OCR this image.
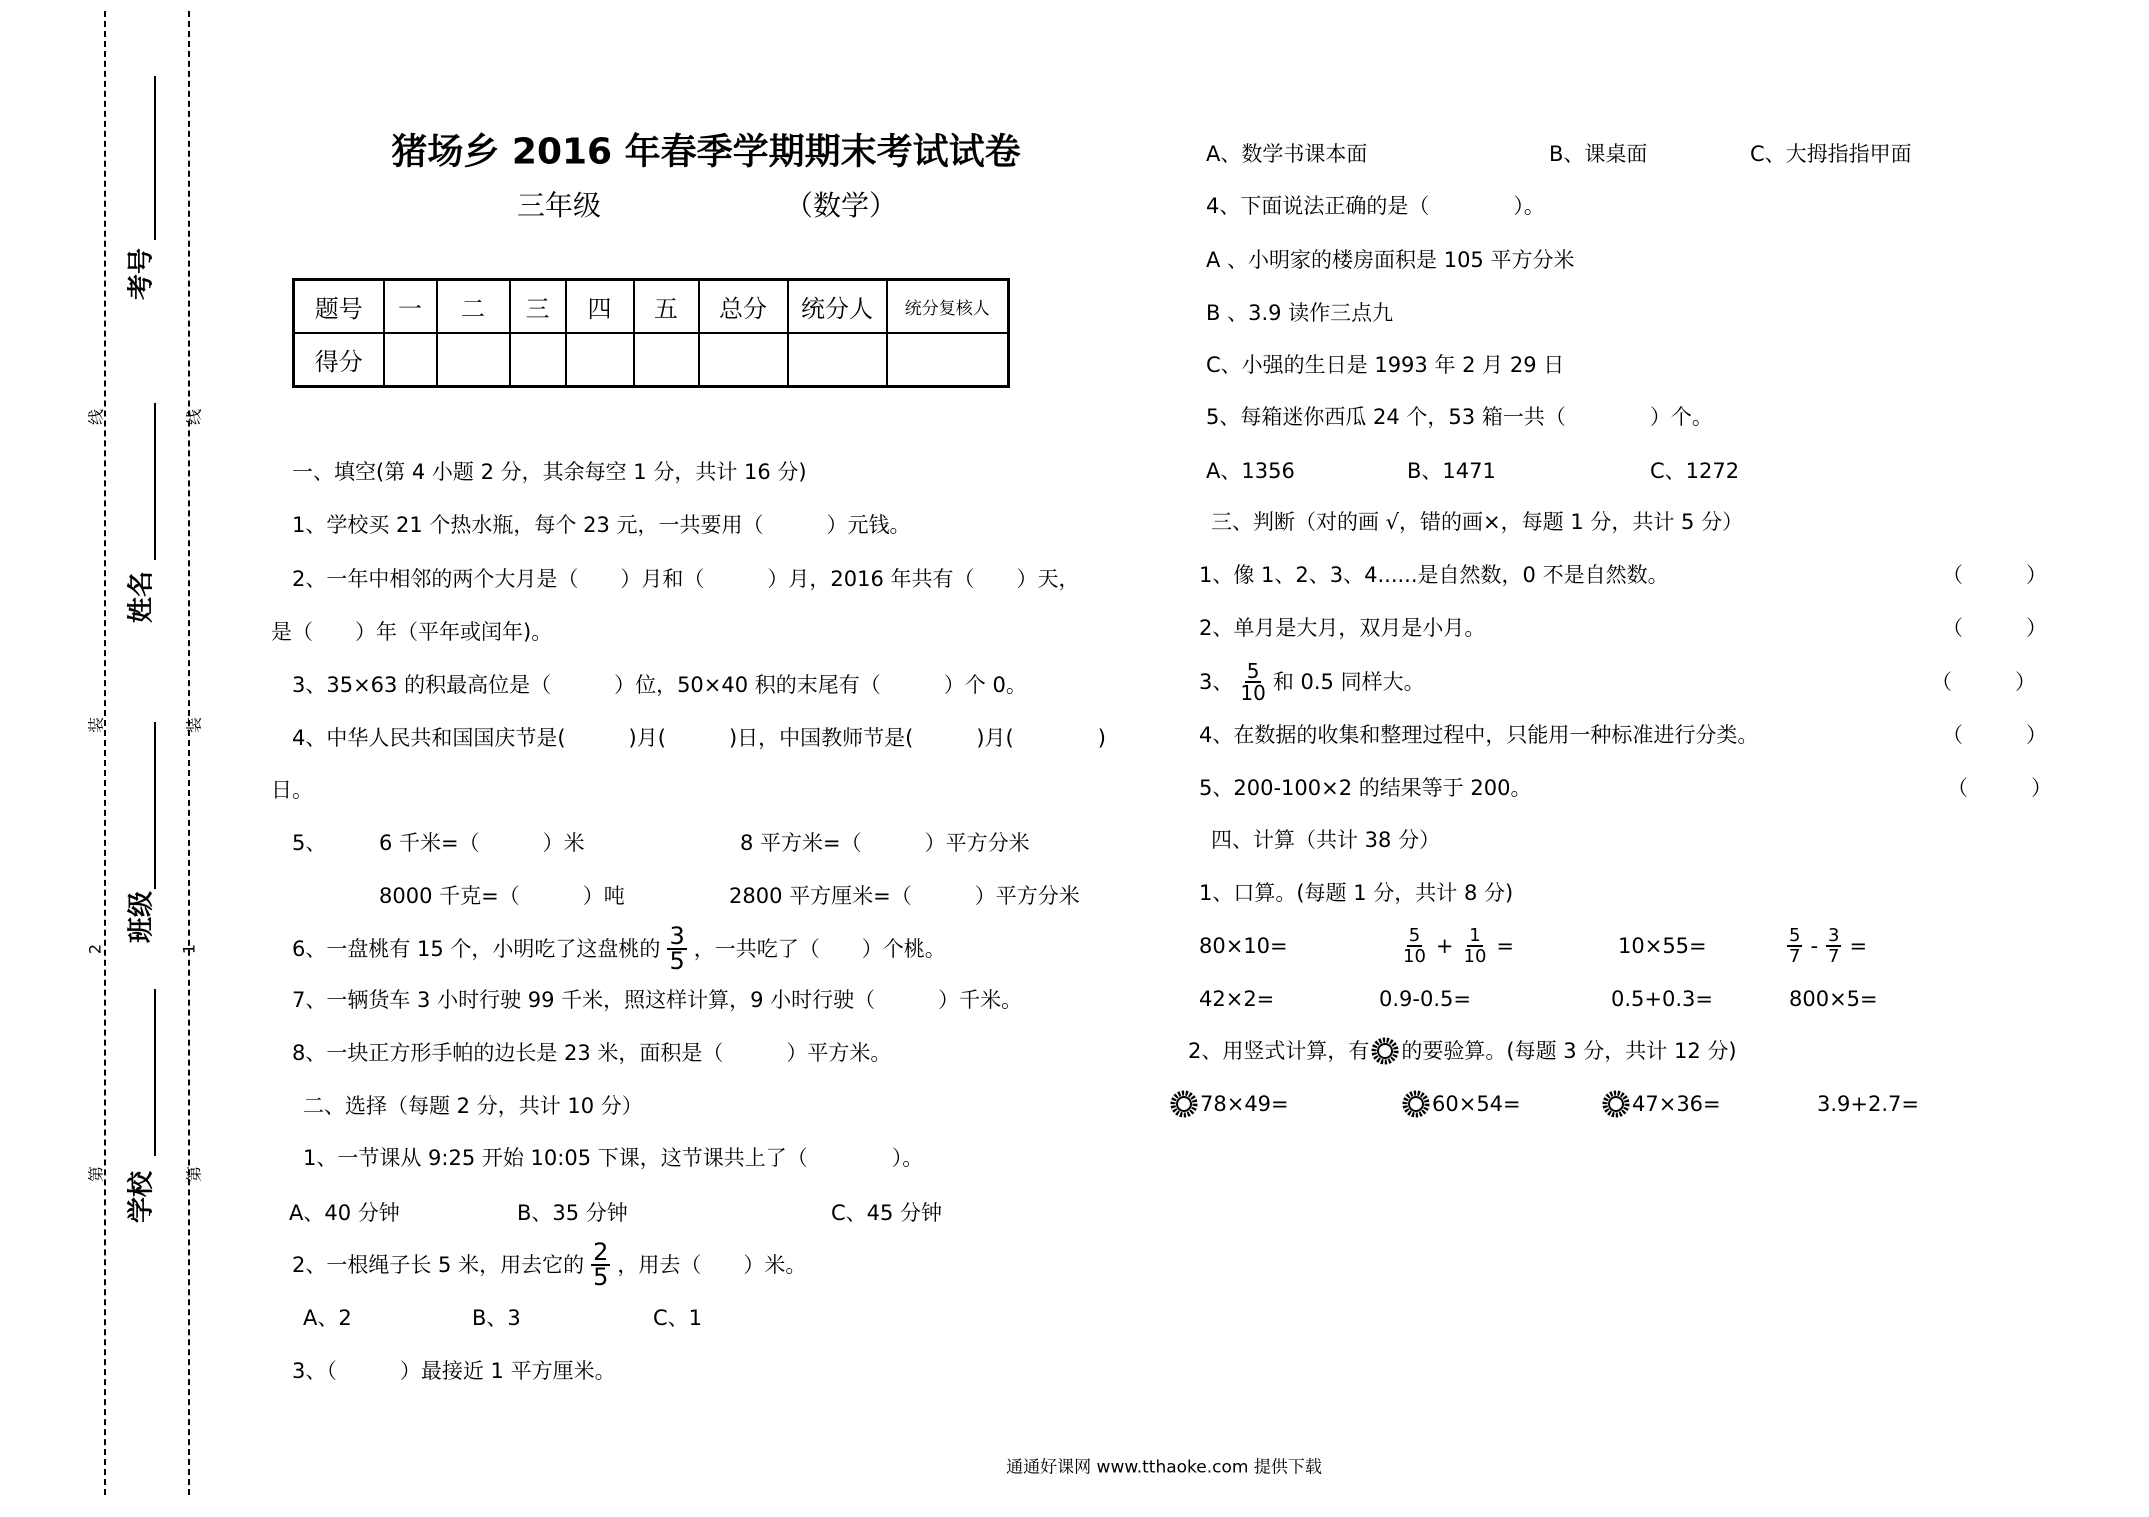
考号
姓名
班级
学校
线
装
2
第
线
装
1
第
猪场乡 2016 年春季学期期末考试试卷
三年级	（数学）
题号	一	二	三	四	五	总分	统分人	统分复核人
得分								
一、填空(第 4 小题 2 分，其余每空 1 分，共计 16 分)
1、学校买 21 个热水瓶，每个 23 元，一共要用（　　　）元钱。
2、一年中相邻的两个大月是（　　）月和（　　　）月，2016 年共有（　　）天，
是（　　）年（平年或闰年)。
3、35×63 的积最高位是（　　　）位，50×40 积的末尾有（　　　）个 0。
4、中华人民共和国国庆节是(　　　)月(　　　)日，中国教师节是(　　　)月(　　　　)
日。
5、	6 千米=（　　　）米	8 平方米=（　　　）平方分米
8000 千克=（　　　）吨	2800 平方厘米=（　　　）平方分米
6、一盘桃有 15 个，小明吃了这盘桃的 $\frac{3}{5}$ ，一共吃了（　　）个桃。
7、一辆货车 3 小时行驶 99 千米，照这样计算，9 小时行驶（　　　）千米。
8、一块正方形手帕的边长是 23 米，面积是（　　　）平方米。
二、选择（每题 2 分，共计 10 分）
1、一节课从 9:25 开始 10:05 下课，这节课共上了（　　　　）。
A、40 分钟	B、35 分钟	C、45 分钟
2、一根绳子长 5 米，用去它的 $\frac{2}{5}$ ，用去（　　）米。
A、2	B、3	C、1
3、（　　　）最接近 1 平方厘米。
A、数学书课本面	B、课桌面	C、大拇指指甲面
4、下面说法正确的是（　　　　）。
A 、小明家的楼房面积是 105 平方分米
B 、3.9 读作三点九
C、小强的生日是 1993 年 2 月 29 日
5、每箱迷你西瓜 24 个，53 箱一共（　　　　）个。
A、1356	B、1471	C、1272
三、判断（对的画 √，错的画×，每题 1 分，共计 5 分）
1、像 1、2、3、4......是自然数，0 不是自然数。	（　　　）
2、单月是大月，双月是小月。	（　　　）
3、 $\frac{5}{10}$ 和 0.5 同样大。	（　　　）
4、在数据的收集和整理过程中，只能用一种标准进行分类。	（　　　）
5、200-100×2 的结果等于 200。	（　　　）
四、计算（共计 38 分）
1、口算。(每题 1 分，共计 8 分)
80×10=	$\frac{5}{10} + \frac{1}{10}$ =	10×55=	$\frac{5}{7} - \frac{3}{7}$ =
42×2=	0.9-0.5=	0.5+0.3=	800×5=
2、用竖式计算，有 的要验算。(每题 3 分，共计 12 分)
78×49=	60×54=	47×36=	3.9+2.7=
通通好课网 www.tthaoke.com 提供下载
